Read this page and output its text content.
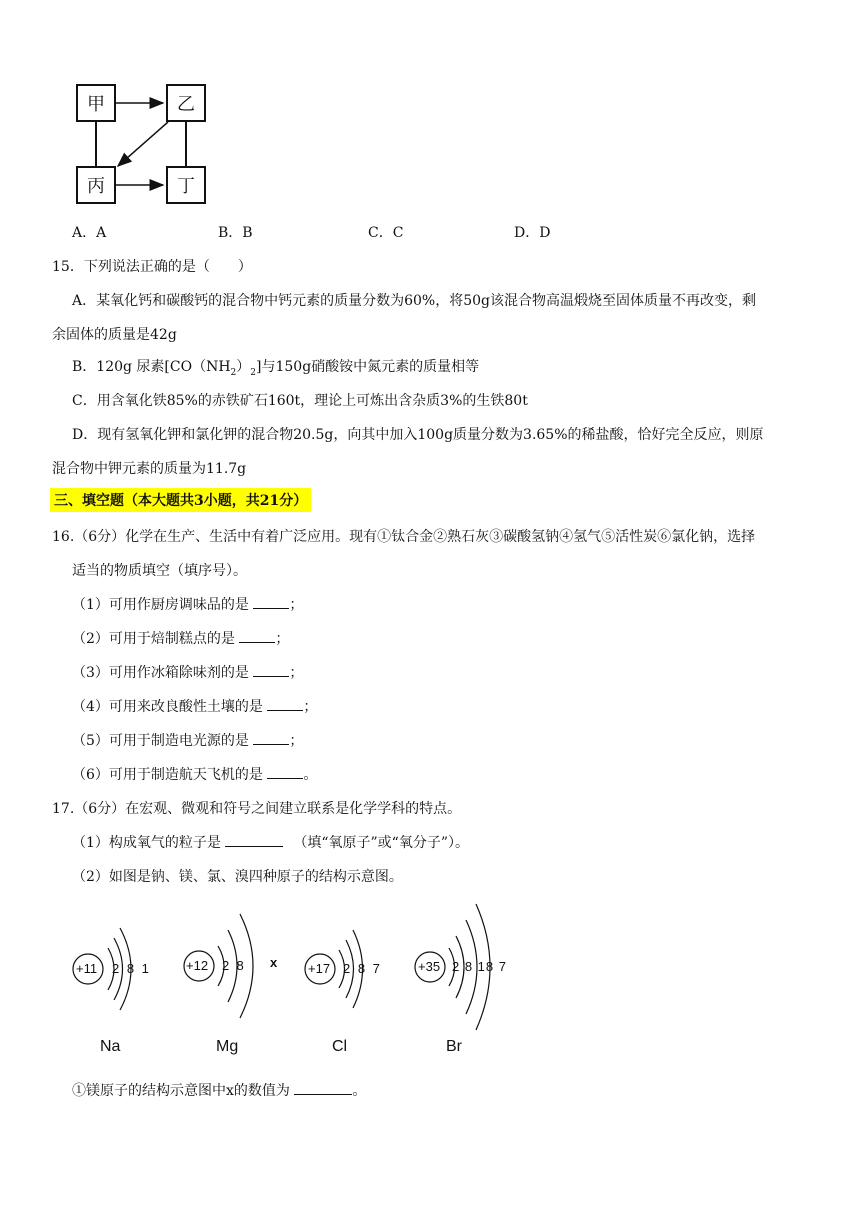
甲	乙
丙	丁
A．A	B．B	C．C	D．D
15．下列说法正确的是（　　）
A．某氧化钙和碳酸钙的混合物中钙元素的质量分数为60%，将50g该混合物高温煅烧至固体质量不再改变，剩
余固体的质量是42g
B．120g 尿素$[CO(NH_2)_2]$与150g硝酸铵中氮元素的质量相等
C．用含氧化铁85%的赤铁矿石160t，理论上可炼出含杂质3%的生铁80t
D．现有氢氧化钾和氯化钾的混合物20.5g，向其中加入100g质量分数为3.65%的稀盐酸，恰好完全反应，则原
混合物中钾元素的质量为11.7g
三、填空题（本大题共3小题，共21分）
16.（6分）化学在生产、生活中有着广泛应用。现有①钛合金②熟石灰③碳酸氢钠④氢气⑤活性炭⑥氯化钠，选择
适当的物质填空（填序号）。
（1）可用作厨房调味品的是	；
（2）可用于焙制糕点的是	；
（3）可用作冰箱除味剂的是	；
（4）可用来改良酸性土壤的是	；
（5）可用于制造电光源的是	；
（6）可用于制造航天飞机的是	。
17.（6分）在宏观、微观和符号之间建立联系是化学学科的特点。
（1）构成氧气的粒子是	（填“氧原子”或“氧分子”）。
（2）如图是钠、镁、氯、溴四种原子的结构示意图。
+11 2 8 1
Na
+12 2  8 x
Mg
+17 2 8 7
Cl
+35 2 8 18 7
Br
①镁原子的结构示意图中x的数值为	。
